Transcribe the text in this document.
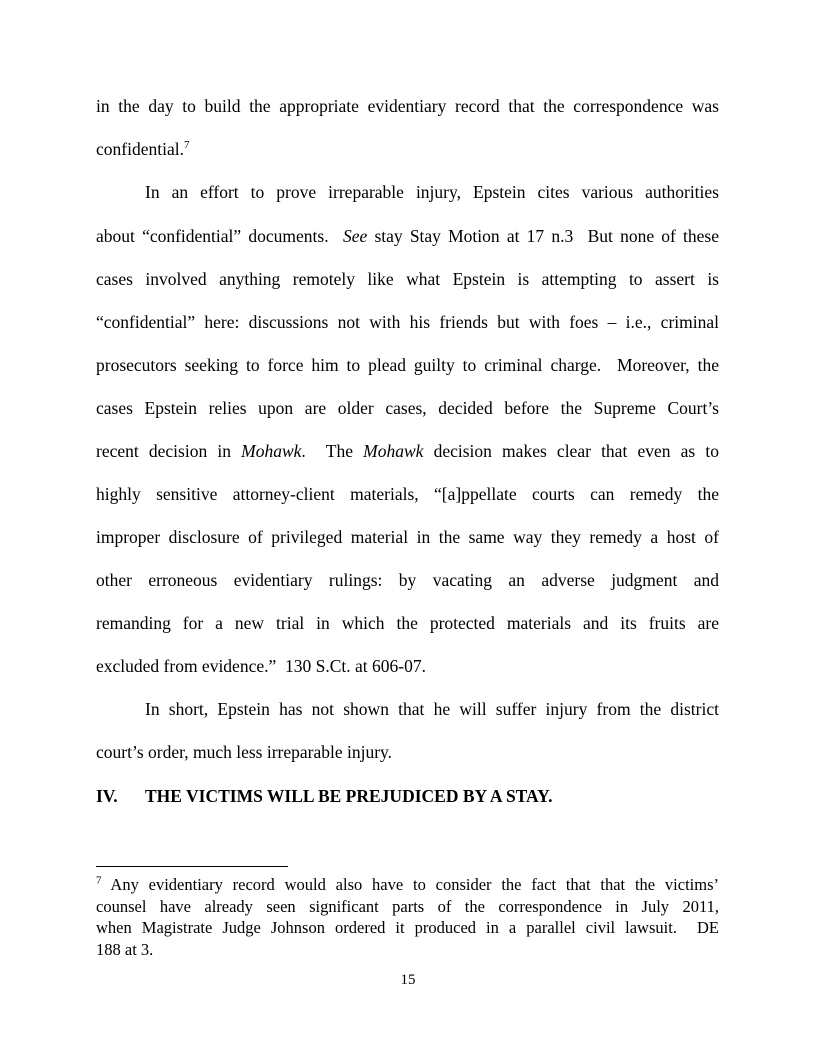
in the day to build the appropriate evidentiary record that the correspondence was
confidential.$^7$
In an effort to prove irreparable injury, Epstein cites various authorities
about “confidential” documents.  See stay Stay Motion at 17 n.3  But none of these
cases involved anything remotely like what Epstein is attempting to assert is
“confidential” here: discussions not with his friends but with foes – i.e., criminal
prosecutors seeking to force him to plead guilty to criminal charge.  Moreover, the
cases Epstein relies upon are older cases, decided before the Supreme Court’s
recent decision in Mohawk.  The Mohawk decision makes clear that even as to
highly sensitive attorney-client materials, “[a]ppellate courts can remedy the
improper disclosure of privileged material in the same way they remedy a host of
other erroneous evidentiary rulings: by vacating an adverse judgment and
remanding for a new trial in which the protected materials and its fruits are
excluded from evidence.”  130 S.Ct. at 606-07.
In short, Epstein has not shown that he will suffer injury from the district
court’s order, much less irreparable injury.
IV. THE VICTIMS WILL BE PREJUDICED BY A STAY.
$^7$ Any evidentiary record would also have to consider the fact that that the victims’
counsel have already seen significant parts of the correspondence in July 2011,
when Magistrate Judge Johnson ordered it produced in a parallel civil lawsuit.  DE
188 at 3.
15
